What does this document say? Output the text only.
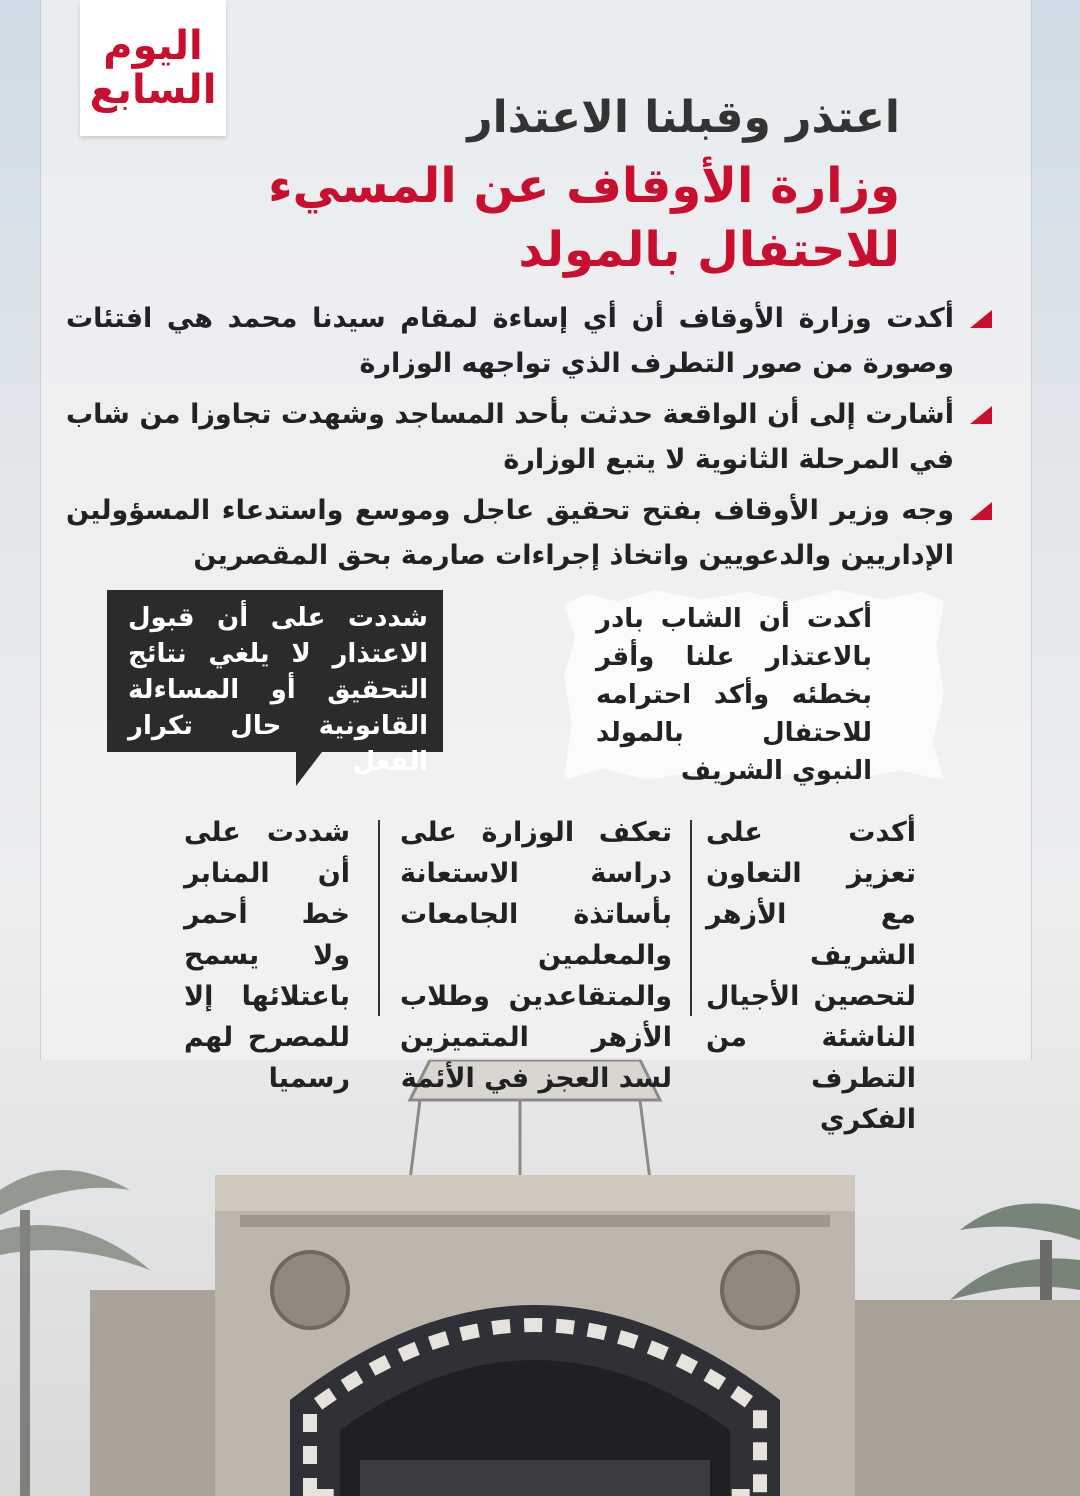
اليوم
السابع
اعتذر وقبلنا الاعتذار
وزارة الأوقاف عن المسيء
للاحتفال بالمولد
أكدت وزارة الأوقاف أن أي إساءة لمقام سيدنا محمد هي افتئات وصورة من صور التطرف الذي تواجهه الوزارة
أشارت إلى أن الواقعة حدثت بأحد المساجد وشهدت تجاوزا من شاب في المرحلة الثانوية لا يتبع الوزارة
وجه وزير الأوقاف بفتح تحقيق عاجل وموسع واستدعاء المسؤولين الإداريين والدعويين واتخاذ إجراءات صارمة بحق المقصرين
أكدت أن الشاب بادر بالاعتذار علنا وأقر بخطئه وأكد احترامه للاحتفال بالمولد النبوي الشريف
شددت على أن قبول الاعتذار لا يلغي نتائج التحقيق أو المساءلة القانونية حال تكرار الفعل
أكدت على تعزيز التعاون مع الأزهر الشريف لتحصين الأجيال الناشئة من التطرف الفكري
تعكف الوزارة على دراسة الاستعانة بأساتذة الجامعات والمعلمين والمتقاعدين وطلاب الأزهر المتميزين لسد العجز في الأئمة
شددت على أن المنابر خط أحمر ولا يسمح باعتلائها إلا للمصرح لهم رسميا
